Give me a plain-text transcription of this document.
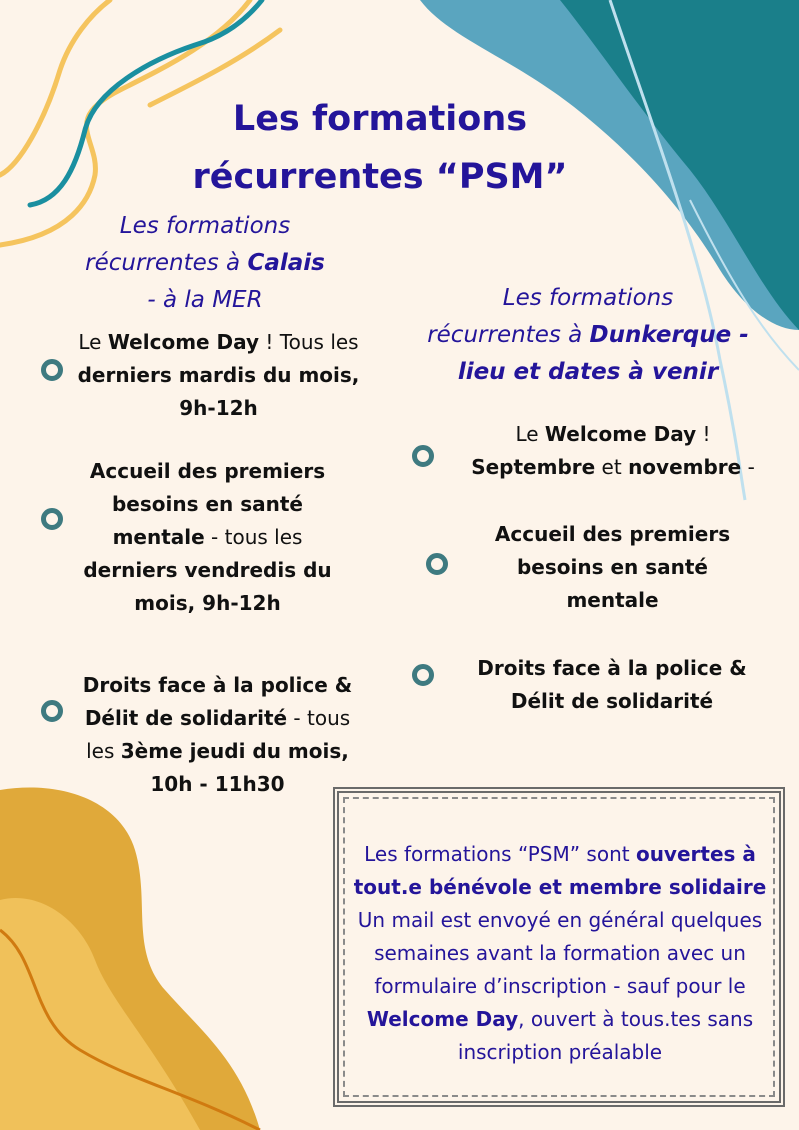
Les formations
récurrentes “PSM”
Les formations
récurrentes à Calais
- à la MER
Le Welcome Day ! Tous les derniers mardis du mois, 9h-12h
Accueil des premiers besoins en santé mentale - tous les derniers vendredis du mois, 9h-12h
Droits face à la police & Délit de solidarité - tous les 3ème jeudi du mois, 10h - 11h30
Les formations
récurrentes à Dunkerque - lieu et dates à venir
Le Welcome Day !
Septembre et novembre -
Accueil des premiers besoins en santé mentale
Droits face à la police & Délit de solidarité
Les formations “PSM” sont ouvertes à tout.e bénévole et membre solidaire Un mail est envoyé en général quelques semaines avant la formation avec un formulaire d’inscription - sauf pour le Welcome Day, ouvert à tous.tes sans inscription préalable
